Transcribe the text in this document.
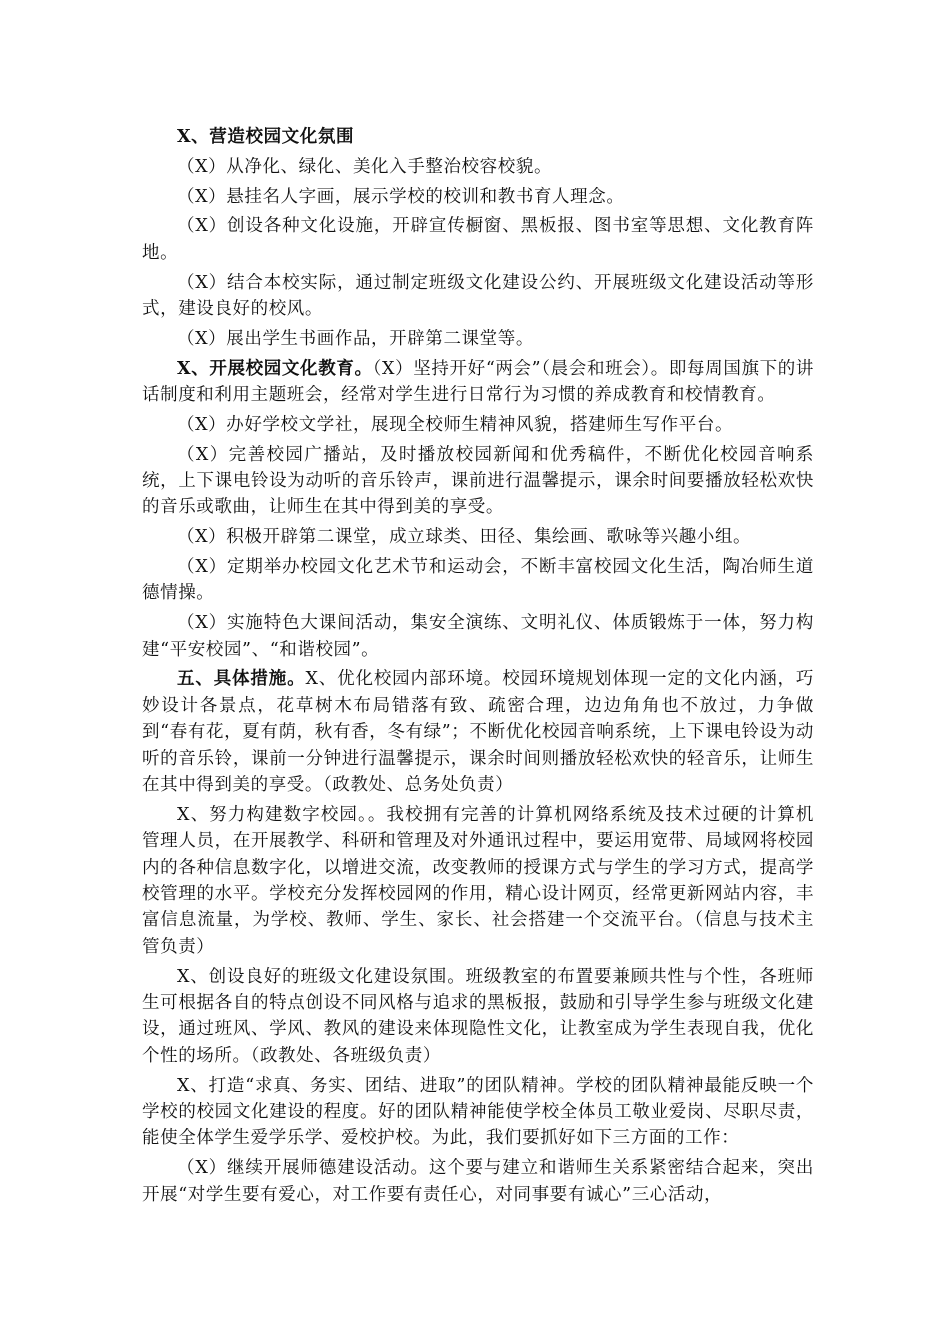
X、营造校园文化氛围

（X）从净化、绿化、美化入手整治校容校貌。

（X）悬挂名人字画，展示学校的校训和教书育人理念。

（X）创设各种文化设施，开辟宣传橱窗、黑板报、图书室等思想、文化教育阵地。

（X）结合本校实际，通过制定班级文化建设公约、开展班级文化建设活动等形式，建设良好的校风。

（X）展出学生书画作品，开辟第二课堂等。

X、开展校园文化教育。（X）坚持开好“两会”（晨会和班会）。即每周国旗下的讲话制度和利用主题班会，经常对学生进行日常行为习惯的养成教育和校情教育。

（X）办好学校文学社，展现全校师生精神风貌，搭建师生写作平台。

（X）完善校园广播站，及时播放校园新闻和优秀稿件，不断优化校园音响系统，上下课电铃设为动听的音乐铃声，课前进行温馨提示，课余时间要播放轻松欢快的音乐或歌曲，让师生在其中得到美的享受。

（X）积极开辟第二课堂，成立球类、田径、集绘画、歌咏等兴趣小组。

（X）定期举办校园文化艺术节和运动会，不断丰富校园文化生活，陶冶师生道德情操。

（X）实施特色大课间活动，集安全演练、文明礼仪、体质锻炼于一体，努力构建“平安校园”、“和谐校园”。

五、具体措施。X、优化校园内部环境。校园环境规划体现一定的文化内涵，巧妙设计各景点，花草树木布局错落有致、疏密合理，边边角角也不放过，力争做到“春有花，夏有荫，秋有香，冬有绿”；不断优化校园音响系统，上下课电铃设为动听的音乐铃，课前一分钟进行温馨提示，课余时间则播放轻松欢快的轻音乐，让师生在其中得到美的享受。（政教处、总务处负责）

X、努力构建数字校园。。我校拥有完善的计算机网络系统及技术过硬的计算机管理人员，在开展教学、科研和管理及对外通讯过程中，要运用宽带、局域网将校园内的各种信息数字化，以增进交流，改变教师的授课方式与学生的学习方式，提高学校管理的水平。学校充分发挥校园网的作用，精心设计网页，经常更新网站内容，丰富信息流量，为学校、教师、学生、家长、社会搭建一个交流平台。（信息与技术主管负责）

X、创设良好的班级文化建设氛围。班级教室的布置要兼顾共性与个性，各班师生可根据各自的特点创设不同风格与追求的黑板报，鼓励和引导学生参与班级文化建设，通过班风、学风、教风的建设来体现隐性文化，让教室成为学生表现自我，优化个性的场所。（政教处、各班级负责）

X、打造“求真、务实、团结、进取”的团队精神。学校的团队精神最能反映一个学校的校园文化建设的程度。好的团队精神能使学校全体员工敬业爱岗、尽职尽责，能使全体学生爱学乐学、爱校护校。为此，我们要抓好如下三方面的工作：

（X）继续开展师德建设活动。这个要与建立和谐师生关系紧密结合起来，突出开展“对学生要有爱心，对工作要有责任心，对同事要有诚心”三心活动，
